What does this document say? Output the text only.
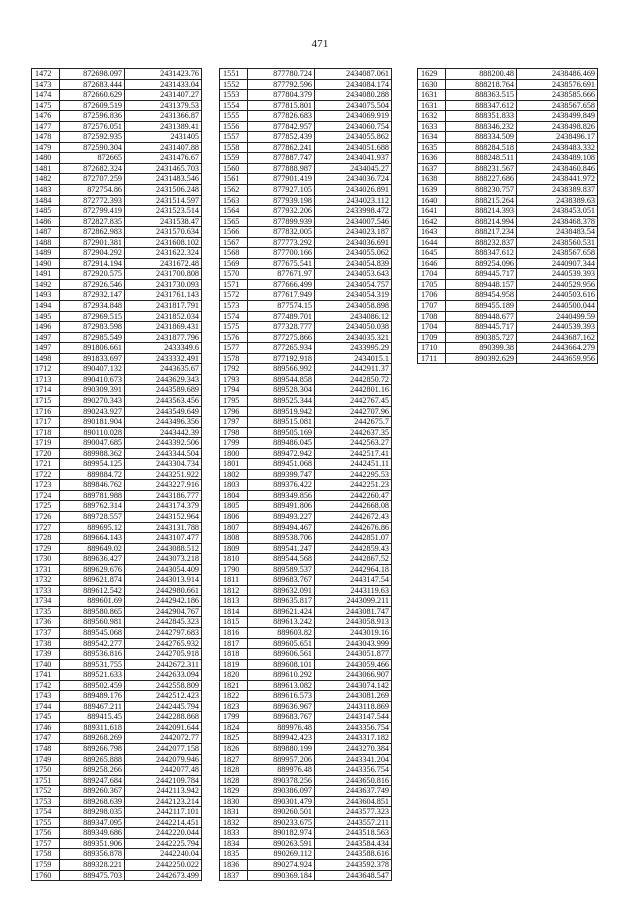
471
1472	872698.097	2431423.76
1473	872683.444	2431433.04
1474	872660.629	2431407.27
1475	872609.519	2431379.53
1476	872596.836	2431366.87
1477	872576.051	2431389.41
1478	872592.935	2431405
1479	872590.304	2431407.88
1480	872665	2431476.67
1481	872682.324	2431465.703
1482	872707.259	2431483.546
1483	872754.86	2431506.248
1484	872772.393	2431514.597
1485	872799.419	2431523.514
1486	872827.835	2431538.47
1487	872862.983	2431570.634
1488	872901.381	2431608.102
1489	872904.292	2431622.324
1490	872914.194	2431672.48
1491	872920.575	2431700.808
1492	872926.546	2431730.093
1493	872932.147	2431761.143
1494	872934.848	2431817.791
1495	872969.515	2431852.034
1496	872983.598	2431869.431
1497	872985.549	2431877.796
1497	891806.661	2433349.6
1498	891833.697	2433332.491
1712	890407.132	2443635.67
1713	890410.673	2443629.343
1714	890309.391	2443589.689
1715	890270.343	2443563.456
1716	890243.927	2443549.649
1717	890181.904	2443496.356
1718	890110.028	2443442.39
1719	890047.685	2443392.506
1720	889988.362	2443344.504
1721	889954.125	2443304.734
1722	889884.72	2443251.922
1723	889846.762	2443227.916
1724	889781.988	2443186.777
1725	889762.314	2443174.379
1726	889728.557	2443152.964
1727	889695.12	2443131.788
1728	889664.143	2443107.477
1729	889649.02	2443088.512
1730	889636.427	2443073.218
1731	889629.676	2443054.409
1732	889621.874	2443013.914
1733	889612.542	2442980.661
1734	889601.69	2442942.186
1735	889580.865	2442904.767
1736	889560.981	2442845.323
1737	889545.068	2442797.683
1738	889542.277	2442765.932
1739	889536.816	2442705.918
1740	889531.755	2442672.311
1741	889521.633	2442633.094
1742	889502.459	2442558.809
1743	889489.176	2442512.423
1744	889467.211	2442445.794
1745	889415.45	2442288.868
1746	889311.618	2442091.644
1747	889268.269	2442072.77
1748	889266.798	2442077.158
1749	889265.888	2442079.946
1750	889258.266	2442077.48
1751	889247.684	2442109.784
1752	889260.367	2442113.942
1753	889268.639	2442123.214
1754	889298.035	2442117.101
1755	889347.095	2442214.451
1756	889349.686	2442220.044
1757	889351.906	2442225.794
1758	889356.878	2442240.04
1759	889328.221	2442250.022
1760	889475.703	2442673.499
1551	877780.724	2434087.061
1552	877792.596	2434084.174
1553	877804.379	2434080.288
1554	877815.801	2434075.504
1555	877826.683	2434069.919
1556	877842.957	2434060.754
1557	877852.439	2434055.862
1558	877862.241	2434051.688
1559	877887.747	2434041.937
1560	877888.987	2434045.27
1561	877901.419	2434036.724
1562	877927.105	2434026.891
1563	877939.198	2434023.112
1564	877932.206	2433998.472
1565	877899.939	2434007.546
1566	877832.005	2434023.187
1567	877773.292	2434036.691
1568	877700.166	2434055.062
1569	877675.541	2434054.839
1570	877671.97	2434053.643
1571	877666.499	2434054.757
1572	877617.949	2434054.319
1573	877574.15	2434058.898
1574	877489.701	2434086.12
1575	877328.777	2434050.038
1576	877275.866	2434035.321
1577	877265.934	2433995.29
1578	877192.918	2434015.1
1792	889566.992	2442911.37
1793	889544.858	2442850.72
1794	889528.304	2442801.16
1795	889525.344	2442767.45
1796	889519.942	2442707.96
1797	889515.081	2442675.7
1798	889505.169	2442637.35
1799	889486.045	2442563.27
1800	889472.942	2442517.41
1801	889451.068	2442451.11
1802	889399.747	2442295.53
1803	889376.422	2442251.23
1804	889349.856	2442260.47
1805	889491.806	2442668.08
1806	889493.227	2442672.43
1807	889494.467	2442676.86
1808	889538.706	2442851.07
1809	889541.247	2442859.43
1810	889544.568	2442867.52
1790	889589.537	2442964.18
1811	889683.767	2443147.54
1812	889632.091	2443119.63
1813	889635.817	2443099.211
1814	889621.424	2443081.747
1815	889613.242	2443058.913
1816	889603.82	2443019.16
1817	889605.651	2443043.999
1818	889606.561	2443051.877
1819	889608.101	2443059.466
1820	889610.292	2443066.907
1821	889613.082	2443074.142
1822	889616.573	2443081.269
1823	889636.967	2443118.869
1799	889683.767	2443147.544
1824	889976.48	2443356.754
1825	889942.423	2443317.182
1826	889880.199	2443270.384
1827	889957.206	2443341.204
1828	889976.48	2443356.754
1828	890378.256	2443650.816
1829	890386.097	2443637.749
1830	890301.479	2443604.851
1831	890260.501	2443577.323
1832	890233.675	2443557.211
1833	890182.974	2443518.563
1834	890263.591	2443584.434
1835	890269.112	2443588.616
1836	890274.924	2443592.378
1837	890369.184	2443648.547
1629	888200.48	2438486.469
1630	888218.764	2438576.691
1631	888363.515	2438585.666
1631	888347.612	2438567.658
1632	888351.833	2438499.849
1633	888346.232	2438498.826
1634	888334.509	2438496.17
1635	888284.518	2438483.332
1636	888248.511	2438489.108
1637	888231.567	2438460.846
1638	888227.686	2438441.972
1639	888230.757	2438389.837
1640	888215.264	2438389.63
1641	888214.393	2438453.051
1642	888214.994	2438468.378
1643	888217.234	2438483.54
1644	888232.837	2438560.531
1645	888347.612	2438567.658
1646	889254.096	2440907.344
1704	889445.717	2440539.393
1705	889448.157	2440529.956
1706	889454.958	2440503.616
1707	889455.189	2440500.044
1708	889448.677	2440499.59
1704	889445.717	2440539.393
1709	890385.727	2443687.162
1710	890399.38	2443664.279
1711	890392.629	2443659.956
